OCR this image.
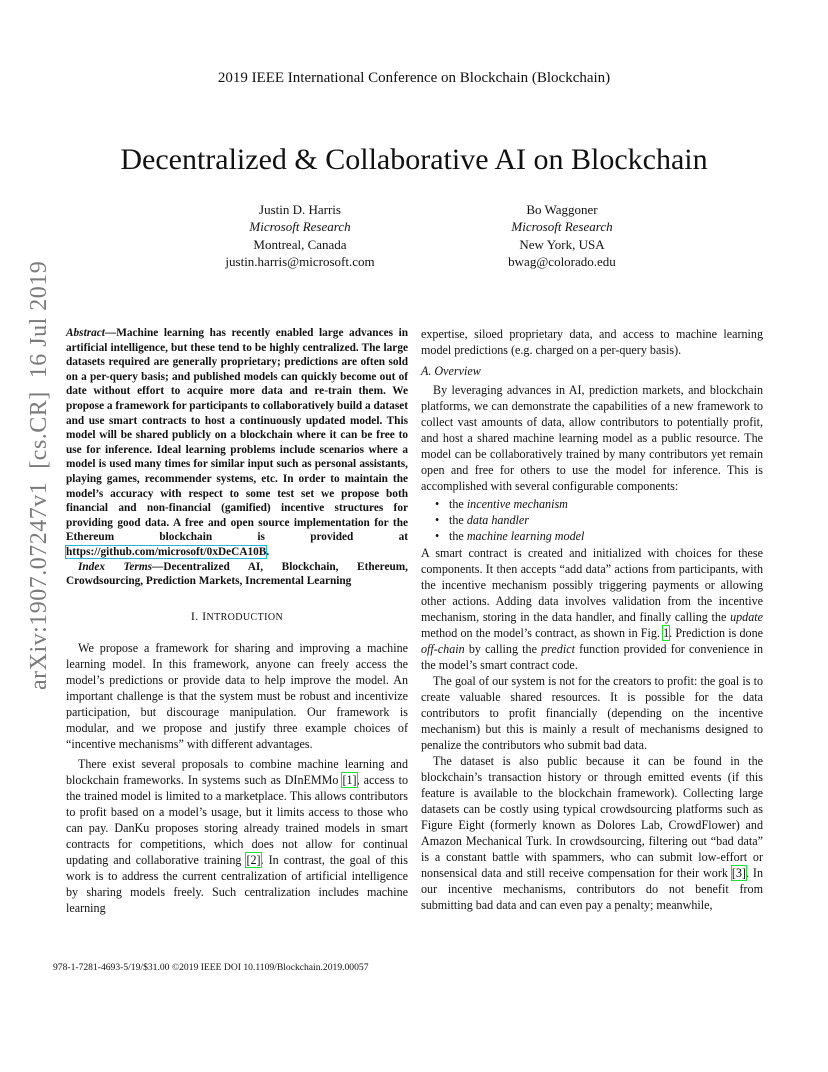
2019 IEEE International Conference on Blockchain (Blockchain)
Decentralized & Collaborative AI on Blockchain
Justin D. Harris
Microsoft Research
Montreal, Canada
justin.harris@microsoft.com
Bo Waggoner
Microsoft Research
New York, USA
bwag@colorado.edu
arXiv:1907.07247v1  [cs.CR]  16 Jul 2019	Abstract—Machine learning has recently enabled large advances in artificial intelligence, but these tend to be highly centralized. The large datasets required are generally proprietary; predictions are often sold on a per-query basis; and published models can quickly become out of date without effort to acquire more data and re-train them. We propose a framework for participants to collaboratively build a dataset and use smart contracts to host a continuously updated model. This model will be shared publicly on a blockchain where it can be free to use for inference. Ideal learning problems include scenarios where a model is used many times for similar input such as personal assistants, playing games, recommender systems, etc. In order to maintain the model’s accuracy with respect to some test set we propose both financial and non-financial (gamified) incentive structures for providing good data. A free and open source implementation for the Ethereum blockchain is provided at https://github.com/microsoft/0xDeCA10B.

Index Terms—Decentralized AI, Blockchain, Ethereum, Crowdsourcing, Prediction Markets, Incremental Learning

I. INTRODUCTION

We propose a framework for sharing and improving a machine learning model. In this framework, anyone can freely access the model’s predictions or provide data to help improve the model. An important challenge is that the system must be robust and incentivize participation, but discourage manipulation. Our framework is modular, and we propose and justify three example choices of “incentive mechanisms” with different advantages.

There exist several proposals to combine machine learning and blockchain frameworks. In systems such as DInEMMo [1], access to the trained model is limited to a marketplace. This allows contributors to profit based on a model’s usage, but it limits access to those who can pay. DanKu proposes storing already trained models in smart contracts for competitions, which does not allow for continual updating and collaborative training [2]. In contrast, the goal of this work is to address the current centralization of artificial intelligence by sharing models freely. Such centralization includes machine learning

expertise, siloed proprietary data, and access to machine learning model predictions (e.g. charged on a per-query basis).

A. Overview

By leveraging advances in AI, prediction markets, and blockchain platforms, we can demonstrate the capabilities of a new framework to collect vast amounts of data, allow contributors to potentially profit, and host a shared machine learning model as a public resource. The model can be collaboratively trained by many contributors yet remain open and free for others to use the model for inference. This is accomplished with several configurable components:

• the incentive mechanism
• the data handler
• the machine learning model

A smart contract is created and initialized with choices for these components. It then accepts “add data” actions from participants, with the incentive mechanism possibly triggering payments or allowing other actions. Adding data involves validation from the incentive mechanism, storing in the data handler, and finally calling the update method on the model’s contract, as shown in Fig. 1. Prediction is done off-chain by calling the predict function provided for convenience in the model’s smart contract code.

The goal of our system is not for the creators to profit: the goal is to create valuable shared resources. It is possible for the data contributors to profit financially (depending on the incentive mechanism) but this is mainly a result of mechanisms designed to penalize the contributors who submit bad data.

The dataset is also public because it can be found in the blockchain’s transaction history or through emitted events (if this feature is available to the blockchain framework). Collecting large datasets can be costly using typical crowdsourcing platforms such as Figure Eight (formerly known as Dolores Lab, CrowdFlower) and Amazon Mechanical Turk. In crowdsourcing, filtering out “bad data” is a constant battle with spammers, who can submit low-effort or nonsensical data and still receive compensation for their work [3]. In our incentive mechanisms, contributors do not benefit from submitting bad data and can even pay a penalty; meanwhile,

978-1-7281-4693-5/19/$31.00 ©2019 IEEE DOI 10.1109/Blockchain.2019.00057
